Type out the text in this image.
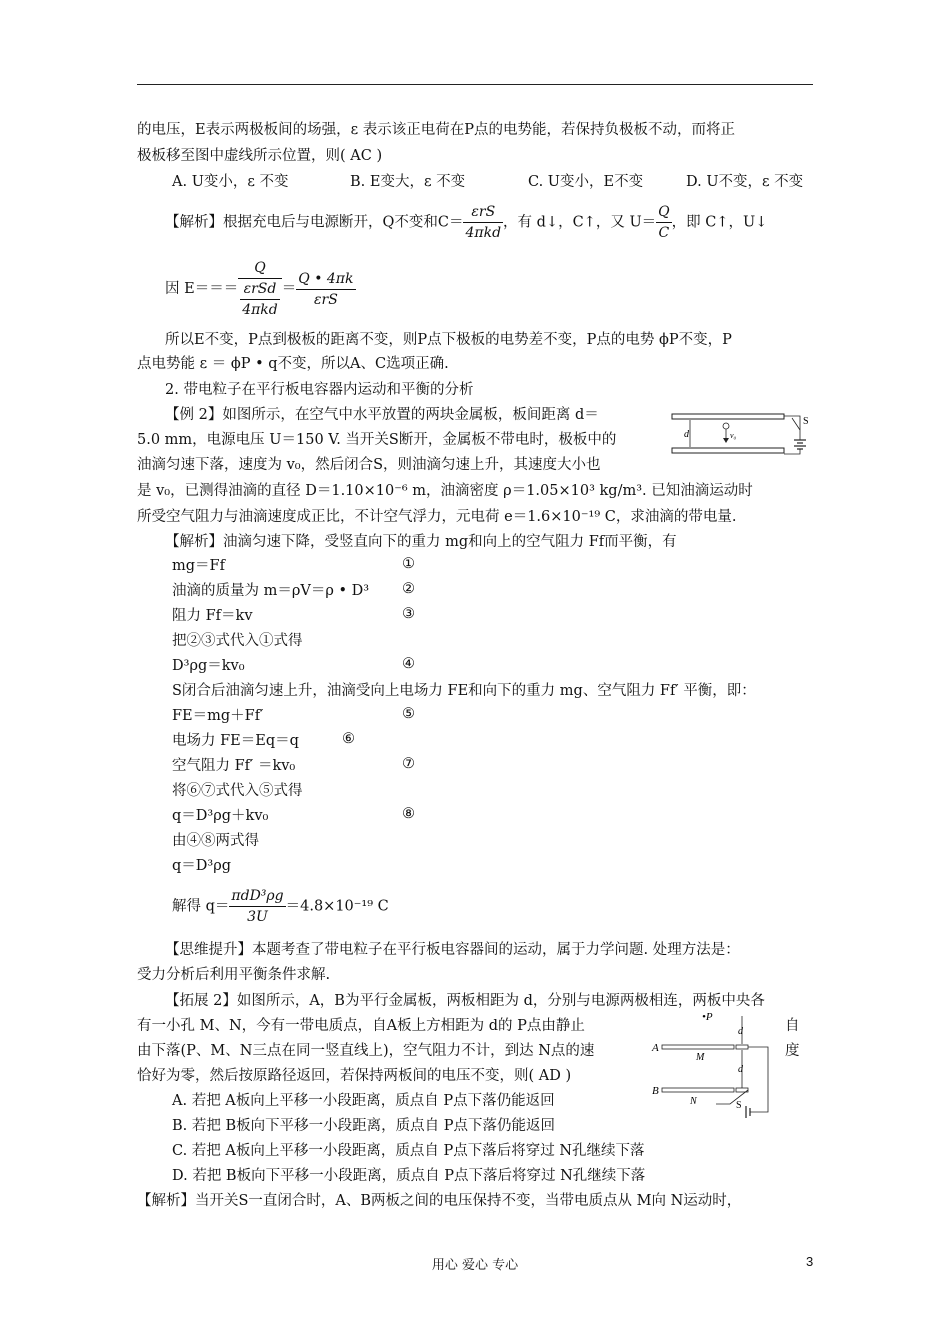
的电压，E表示两极板间的场强，ε 表示该正电荷在P点的电势能，若保持负极板不动，而将正
极板移至图中虚线所示位置，则( AC )
A. U变小，ε 不变	B. E变大，ε 不变	C. U变小，E不变	D. U不变，ε 不变
【解析】根据充电后与电源断开，Q不变和$C= \frac{\text{εrS}}{\text{4πkd}}$ ，有 d↓，C↑，又 $U= \frac{Q}{C}$ ，即 C↑，U↓
因 $E=== \frac{Q}{\frac{\text{εrSd}}{\text{4πkd}}} = \frac{Q • 4\pi k}{\text{εrS}}$
所以E不变，P点到极板的距离不变，则P点下极板的电势差不变，P点的电势 ϕP不变，P
点电势能 ε ＝ ϕP • q不变，所以A、C选项正确.
2. 带电粒子在平行板电容器内运动和平衡的分析
【例 2】如图所示，在空气中水平放置的两块金属板，板间距离 d＝
5.0 mm，电源电压 U＝150 V. 当开关S断开，金属板不带电时，极板中的
油滴匀速下落，速度为 v₀，然后闭合S，则油滴匀速上升，其速度大小也
是 v₀，已测得油滴的直径 D＝1.10×10⁻⁶ m，油滴密度 ρ＝1.05×10³ kg/m³. 已知油滴运动时
所受空气阻力与油滴速度成正比，不计空气浮力，元电荷 e＝1.6×10⁻¹⁹ C，求油滴的带电量.
d	v₀
S
【解析】油滴匀速下降，受竖直向下的重力 mg和向上的空气阻力 Ff而平衡，有
mg＝Ff	①
油滴的质量为 m＝ρV＝ρ • D³ ②
阻力 Ff＝kv	③
把②③式代入①式得
D³ρg＝kv₀	④
S闭合后油滴匀速上升，油滴受向上电场力 FE和向下的重力 mg、空气阻力 Ff′ 平衡，即：
FE＝mg＋Ff′	⑤
电场力 FE＝Eq＝q	⑥
空气阻力 Ff′ ＝kv₀	⑦
将⑥⑦式代入⑤式得
q＝D³ρg＋kv₀	⑧
由④⑧两式得
q＝D³ρg
解得 $q= \frac{\text{πdD³ρg}}{3U} =4.8\times 10^{-19}$ C
【思维提升】本题考查了带电粒子在平行板电容器间的运动，属于力学问题. 处理方法是：
受力分析后利用平衡条件求解.
【拓展 2】如图所示，A，B为平行金属板，两板相距为 d，分别与电源两极相连，两板中央各
有一小孔 M、N，今有一带电质点，自A板上方相距为 d的 P点由静止	自
由下落(P、M、N三点在同一竖直线上)，空气阻力不计，到达 N点的速	度
恰好为零，然后按原路径返回，若保持两板间的电压不变，则( AD )
A. 若把 A板向上平移一小段距离，质点自 P点下落仍能返回
B. 若把 B板向下平移一小段距离，质点自 P点下落仍能返回
C. 若把 A板向上平移一小段距离，质点自 P点下落后将穿过 N孔继续下落
D. 若把 B板向下平移一小段距离，质点自 P点下落后将穿过 N孔继续下落
【解析】当开关S一直闭合时，A、B两板之间的电压保持不变，当带电质点从 M向 N运动时，
•P
d
A
M
d
B
N	S
用心 爱心 专心	3
